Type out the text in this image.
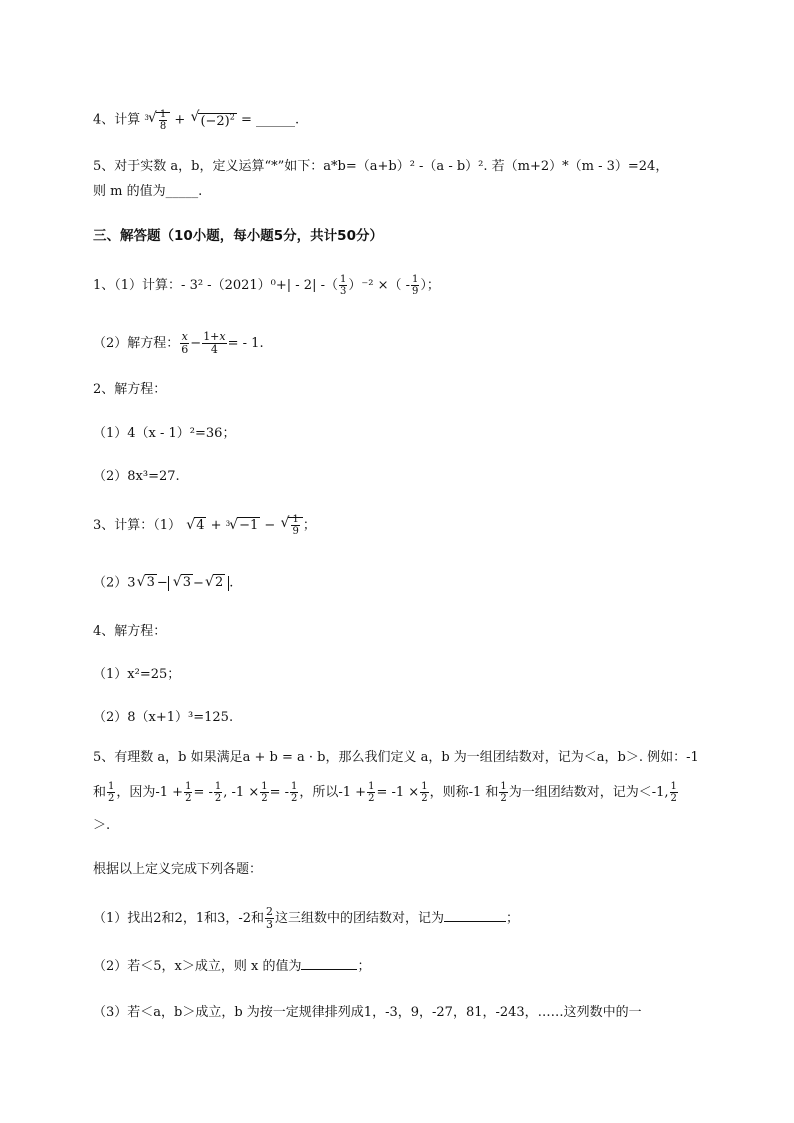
4、计算 $^3$ √ $\frac{1}{8}$ + √ $(-2)^2$ = ______.
5、对于实数 a，b，定义运算“*”如下：a*b=（a+b）² -（a - b）². 若（m+2）*（m - 3）=24，
则 m 的值为_____.
三、解答题（10小题，每小题5分，共计50分）
1、（1）计算：- 3² -（2021）⁰+| - 2| -（ $\frac{1}{3} )^{-2}$ ×（ - $\frac{1}{9}$ ）；
（2）解方程： $\frac{x}{6} - \frac{1+x}{4}$ = - 1.
2、解方程：
（1）4（x - 1）²=36；
（2）8x³=27.
3、计算：（1） √ 4 + $^3$ √ −1 − √ $\frac{1}{9}$ ；
（2）3 √ 3 − √ 3 − √ 2 .
4、解方程：
（1）x²=25；
（2）8（x+1）³=125.
5、有理数 a，b 如果满足a + b = a · b，那么我们定义 a，b 为一组团结数对，记为＜a，b＞. 例如：-1
和 $\frac{1}{2}$ ，因为$-1 + \frac{1}{2}$ = - $\frac{1}{2}$ , $-1 \times \frac{1}{2}$ = - $\frac{1}{2}$ ，所以$-1 + \frac{1}{2} = -1 \times \frac{1}{2}$ ，则称-1 和 $\frac{1}{2}$ 为一组团结数对，记为＜-1, $\frac{1}{2}$
＞.
根据以上定义完成下列各题：
（1）找出2和2，1和3，-2和 $\frac{2}{3}$ 这三组数中的团结数对，记为	；
（2）若＜5，x＞成立，则 x 的值为	；
（3）若＜a，b＞成立，b 为按一定规律排列成1，-3，9，-27，81，-243，……这列数中的一
